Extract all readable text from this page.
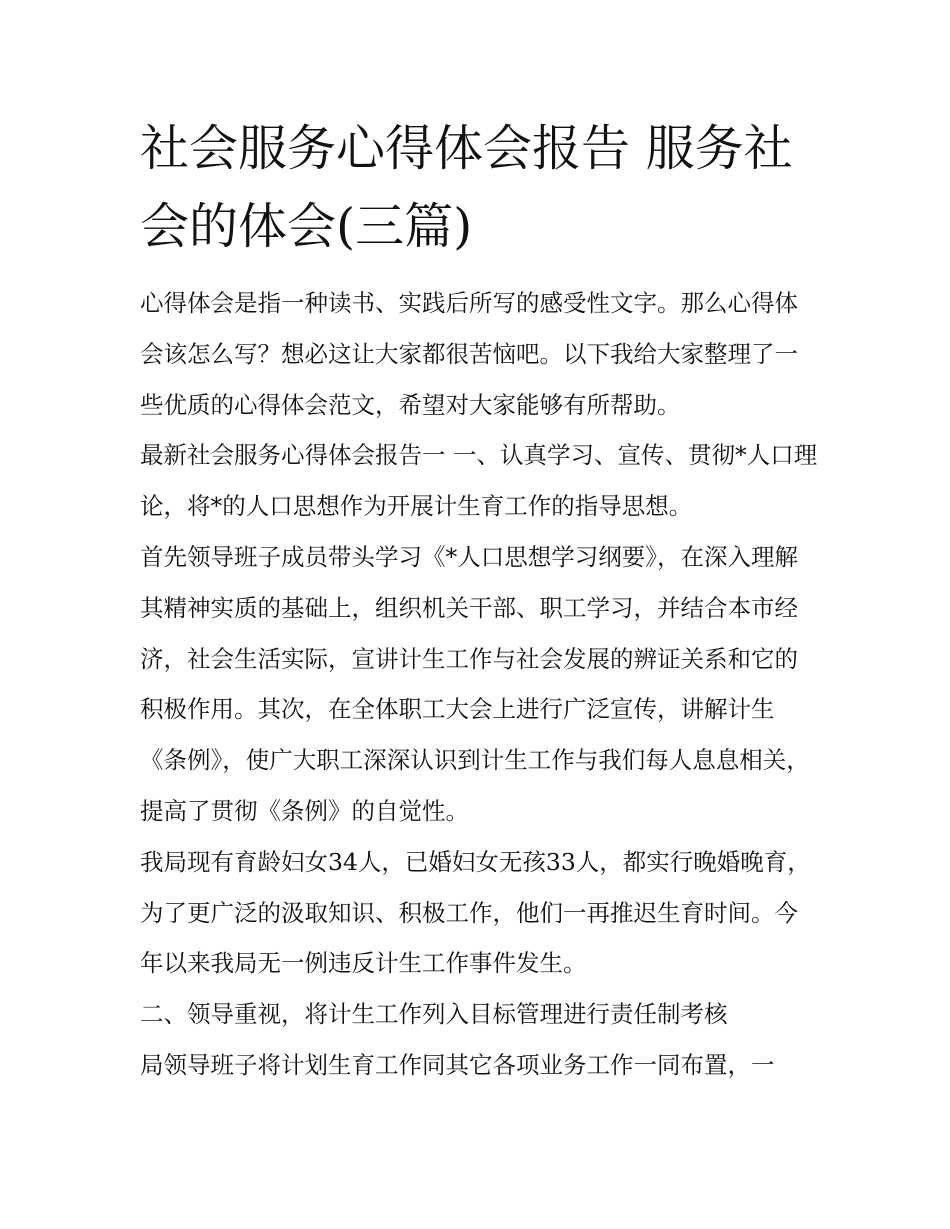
社会服务心得体会报告 服务社会的体会(三篇)

心得体会是指一种读书、实践后所写的感受性文字。那么心得体会该怎么写？想必这让大家都很苦恼吧。以下我给大家整理了一些优质的心得体会范文，希望对大家能够有所帮助。

最新社会服务心得体会报告一 一、认真学习、宣传、贯彻*人口理论，将*的人口思想作为开展计生育工作的指导思想。

首先领导班子成员带头学习《*人口思想学习纲要》，在深入理解其精神实质的基础上，组织机关干部、职工学习，并结合本市经济，社会生活实际，宣讲计生工作与社会发展的辨证关系和它的积极作用。其次，在全体职工大会上进行广泛宣传，讲解计生《条例》，使广大职工深深认识到计生工作与我们每人息息相关，提高了贯彻《条例》的自觉性。

我局现有育龄妇女34人，已婚妇女无孩33人，都实行晚婚晚育，为了更广泛的汲取知识、积极工作，他们一再推迟生育时间。今年以来我局无一例违反计生工作事件发生。

二、领导重视，将计生工作列入目标管理进行责任制考核

局领导班子将计划生育工作同其它各项业务工作一同布置，一
